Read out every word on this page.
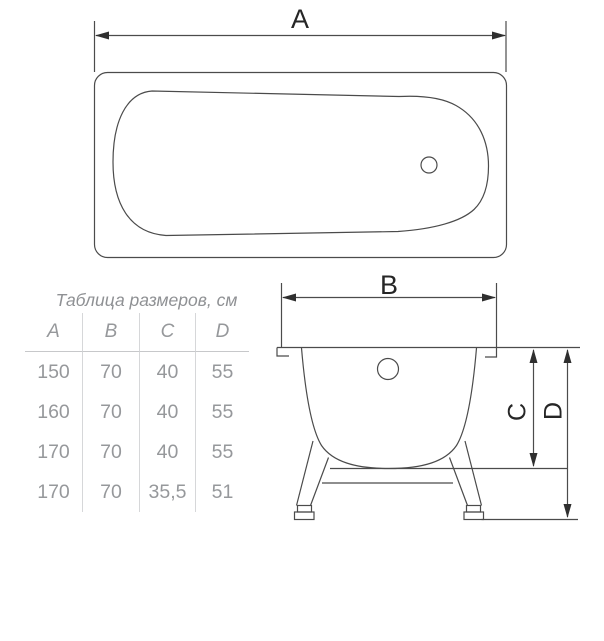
A
B
C D
Таблица размеров, см
A	B	C	D
150	70	40	55
160	70	40	55
170	70	40	55
170	70	35,5	51
